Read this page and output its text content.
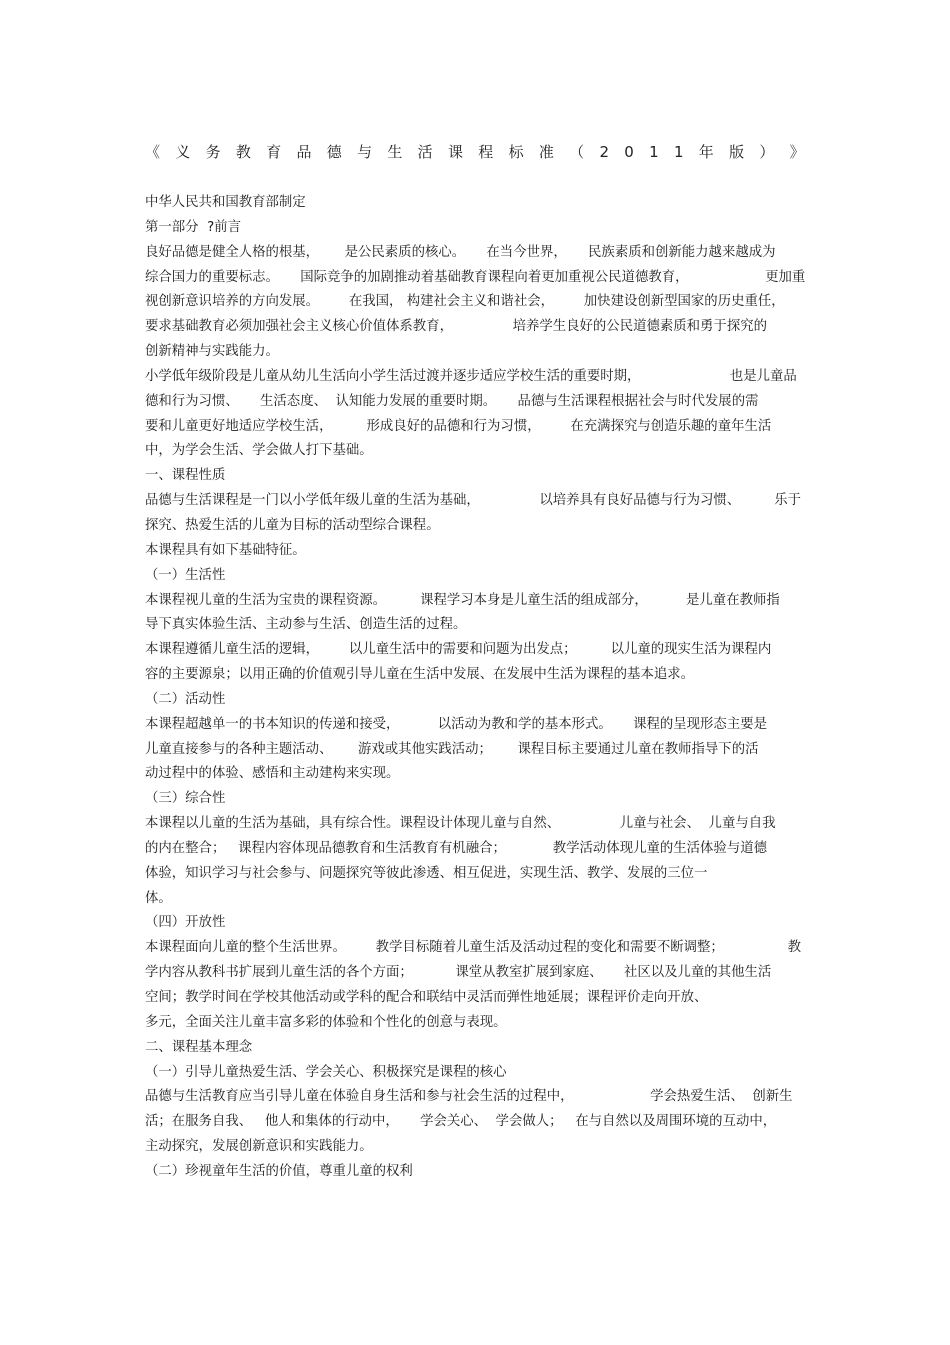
《 义 务 教 育 品 德 与 生 活 课 程 标 准 （ 2 0 1 1 年 版 ） 》
中华人民共和国教育部制定
第一部分  ?前言
良好品德是健全人格的根基，      是公民素质的核心。     在当今世界，     民族素质和创新能力越来越成为
综合国力的重要标志。     国际竞争的加剧推动着基础教育课程向着更加重视公民道德教育，                  更加重
视创新意识培养的方向发展。       在我国， 构建社会主义和谐社会，       加快建设创新型国家的历史重任，
要求基础教育必须加强社会主义核心价值体系教育，              培养学生良好的公民道德素质和勇于探究的
创新精神与实践能力。
小学低年级阶段是儿童从幼儿生活向小学生活过渡并逐步适应学校生活的重要时期，                     也是儿童品
德和行为习惯、     生活态度、  认知能力发展的重要时期。     品德与生活课程根据社会与时代发展的需
要和儿童更好地适应学校生活，        形成良好的品德和行为习惯，       在充满探究与创造乐趣的童年生活
中，为学会生活、学会做人打下基础。
一、课程性质
品德与生活课程是一门以小学低年级儿童的生活为基础，              以培养具有良好品德与行为习惯、        乐于
探究、热爱生活的儿童为目标的活动型综合课程。
本课程具有如下基础特征。
（一）生活性
本课程视儿童的生活为宝贵的课程资源。        课程学习本身是儿童生活的组成部分，         是儿童在教师指
导下真实体验生活、主动参与生活、创造生活的过程。
本课程遵循儿童生活的逻辑，       以儿童生活中的需要和问题为出发点；        以儿童的现实生活为课程内
容的主要源泉；以用正确的价值观引导儿童在生活中发展、在发展中生活为课程的基本追求。
（二）活动性
本课程超越单一的书本知识的传递和接受，         以活动为教和学的基本形式。     课程的呈现形态主要是
儿童直接参与的各种主题活动、      游戏或其他实践活动；      课程目标主要通过儿童在教师指导下的活
动过程中的体验、感悟和主动建构来实现。
（三）综合性
本课程以儿童的生活为基础，具有综合性。课程设计体现儿童与自然、              儿童与社会、  儿童与自我
的内在整合；   课程内容体现品德教育和生活教育有机融合；           教学活动体现儿童的生活体验与道德
体验，知识学习与社会参与、问题探究等彼此渗透、相互促进，实现生活、教学、发展的三位一
体。
（四）开放性
本课程面向儿童的整个生活世界。       教学目标随着儿童生活及活动过程的变化和需要不断调整；               教
学内容从教科书扩展到儿童生活的各个方面；          课堂从教室扩展到家庭、     社区以及儿童的其他生活
空间；教学时间在学校其他活动或学科的配合和联结中灵活而弹性地延展；课程评价走向开放、
多元，全面关注儿童丰富多彩的体验和个性化的创意与表现。
二、课程基本理念
（一）引导儿童热爱生活、学会关心、积极探究是课程的核心
品德与生活教育应当引导儿童在体验自身生活和参与社会生活的过程中，                  学会热爱生活、  创新生
活；在服务自我、   他人和集体的行动中，     学会关心、  学会做人；   在与自然以及周围环境的互动中，
主动探究，发展创新意识和实践能力。
（二）珍视童年生活的价值，尊重儿童的权利
